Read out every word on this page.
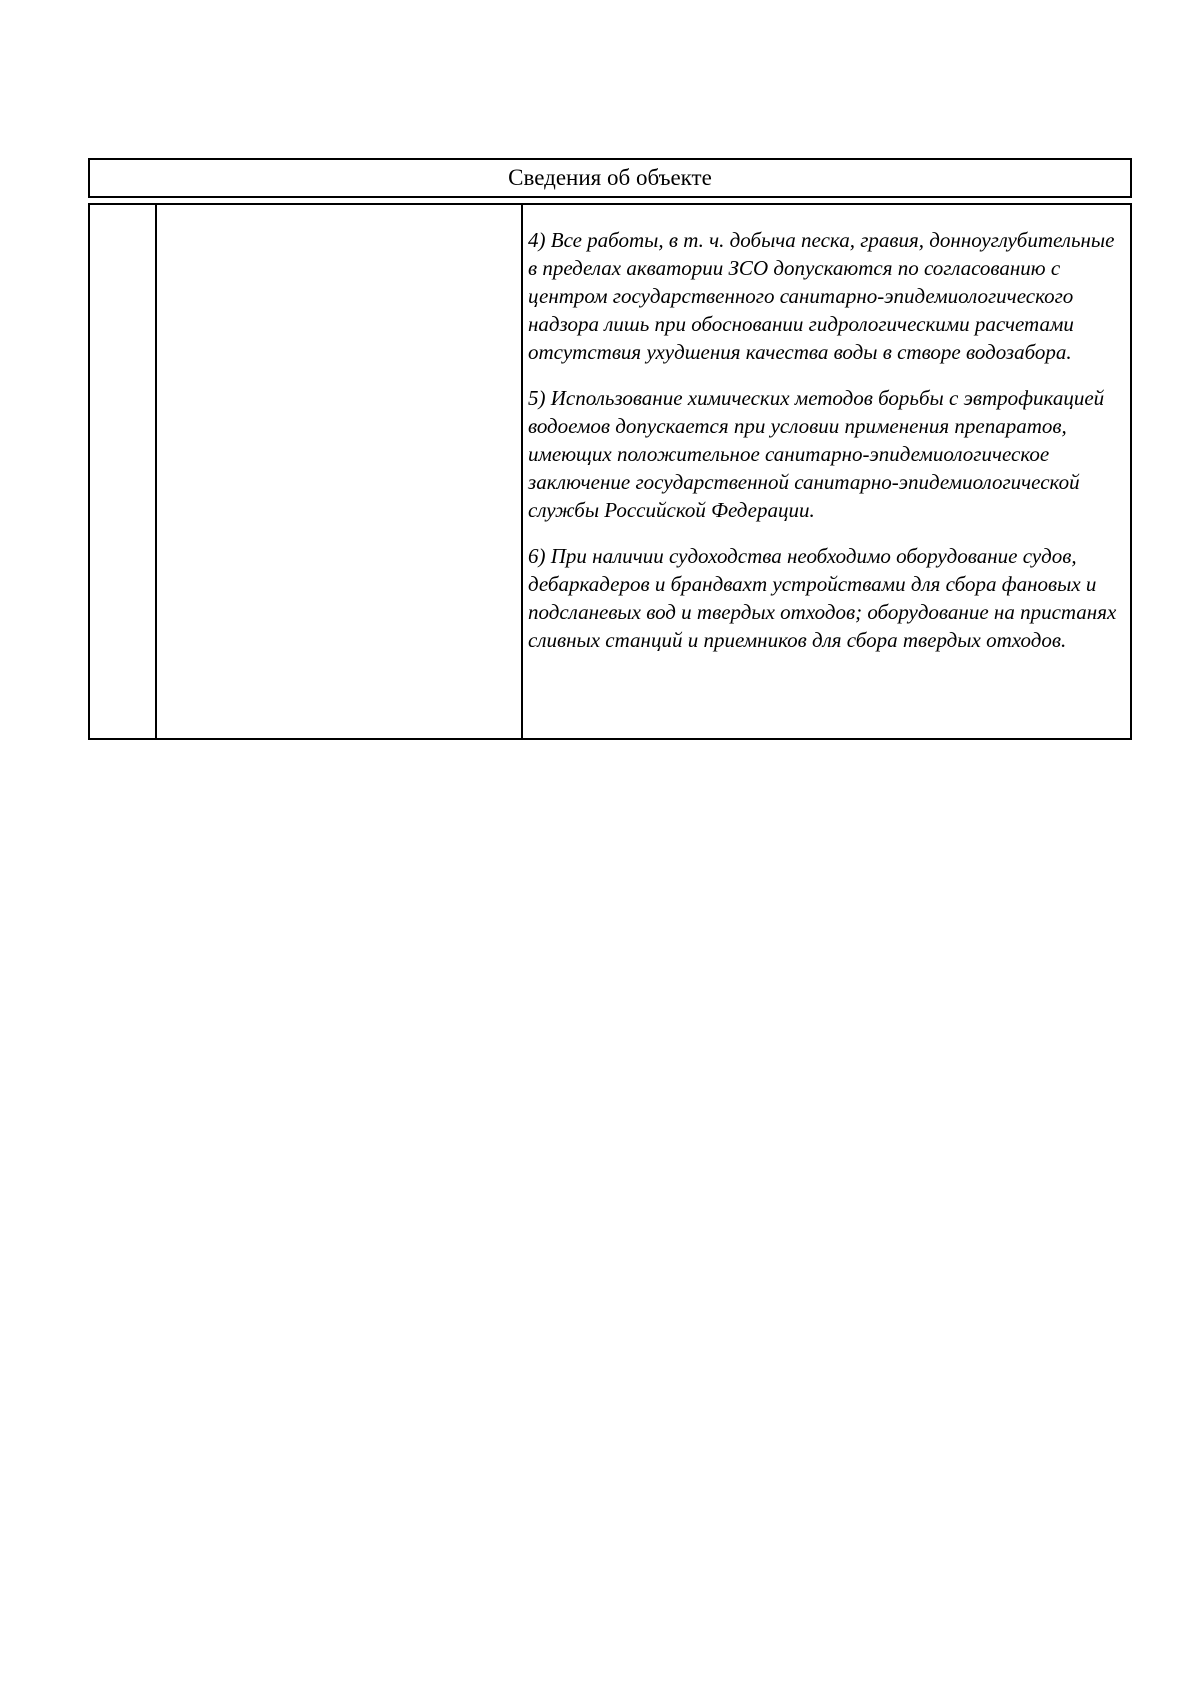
Сведения об объекте

4) Все работы, в т. ч. добыча песка, гравия, донноуглубительные в пределах акватории ЗСО допускаются по согласованию с центром государственного санитарно-эпидемиологического надзора лишь при обосновании гидрологическими расчетами отсутствия ухудшения качества воды в створе водозабора.

5) Использование химических методов борьбы с эвтрофикацией водоемов допускается при условии применения препаратов, имеющих положительное санитарно-эпидемиологическое заключение государственной санитарно-эпидемиологической службы Российской Федерации.

6) При наличии судоходства необходимо оборудование судов, дебаркадеров и брандвахт устройствами для сбора фановых и подсланевых вод и твердых отходов; оборудование на пристанях сливных станций и приемников для сбора твердых отходов.
